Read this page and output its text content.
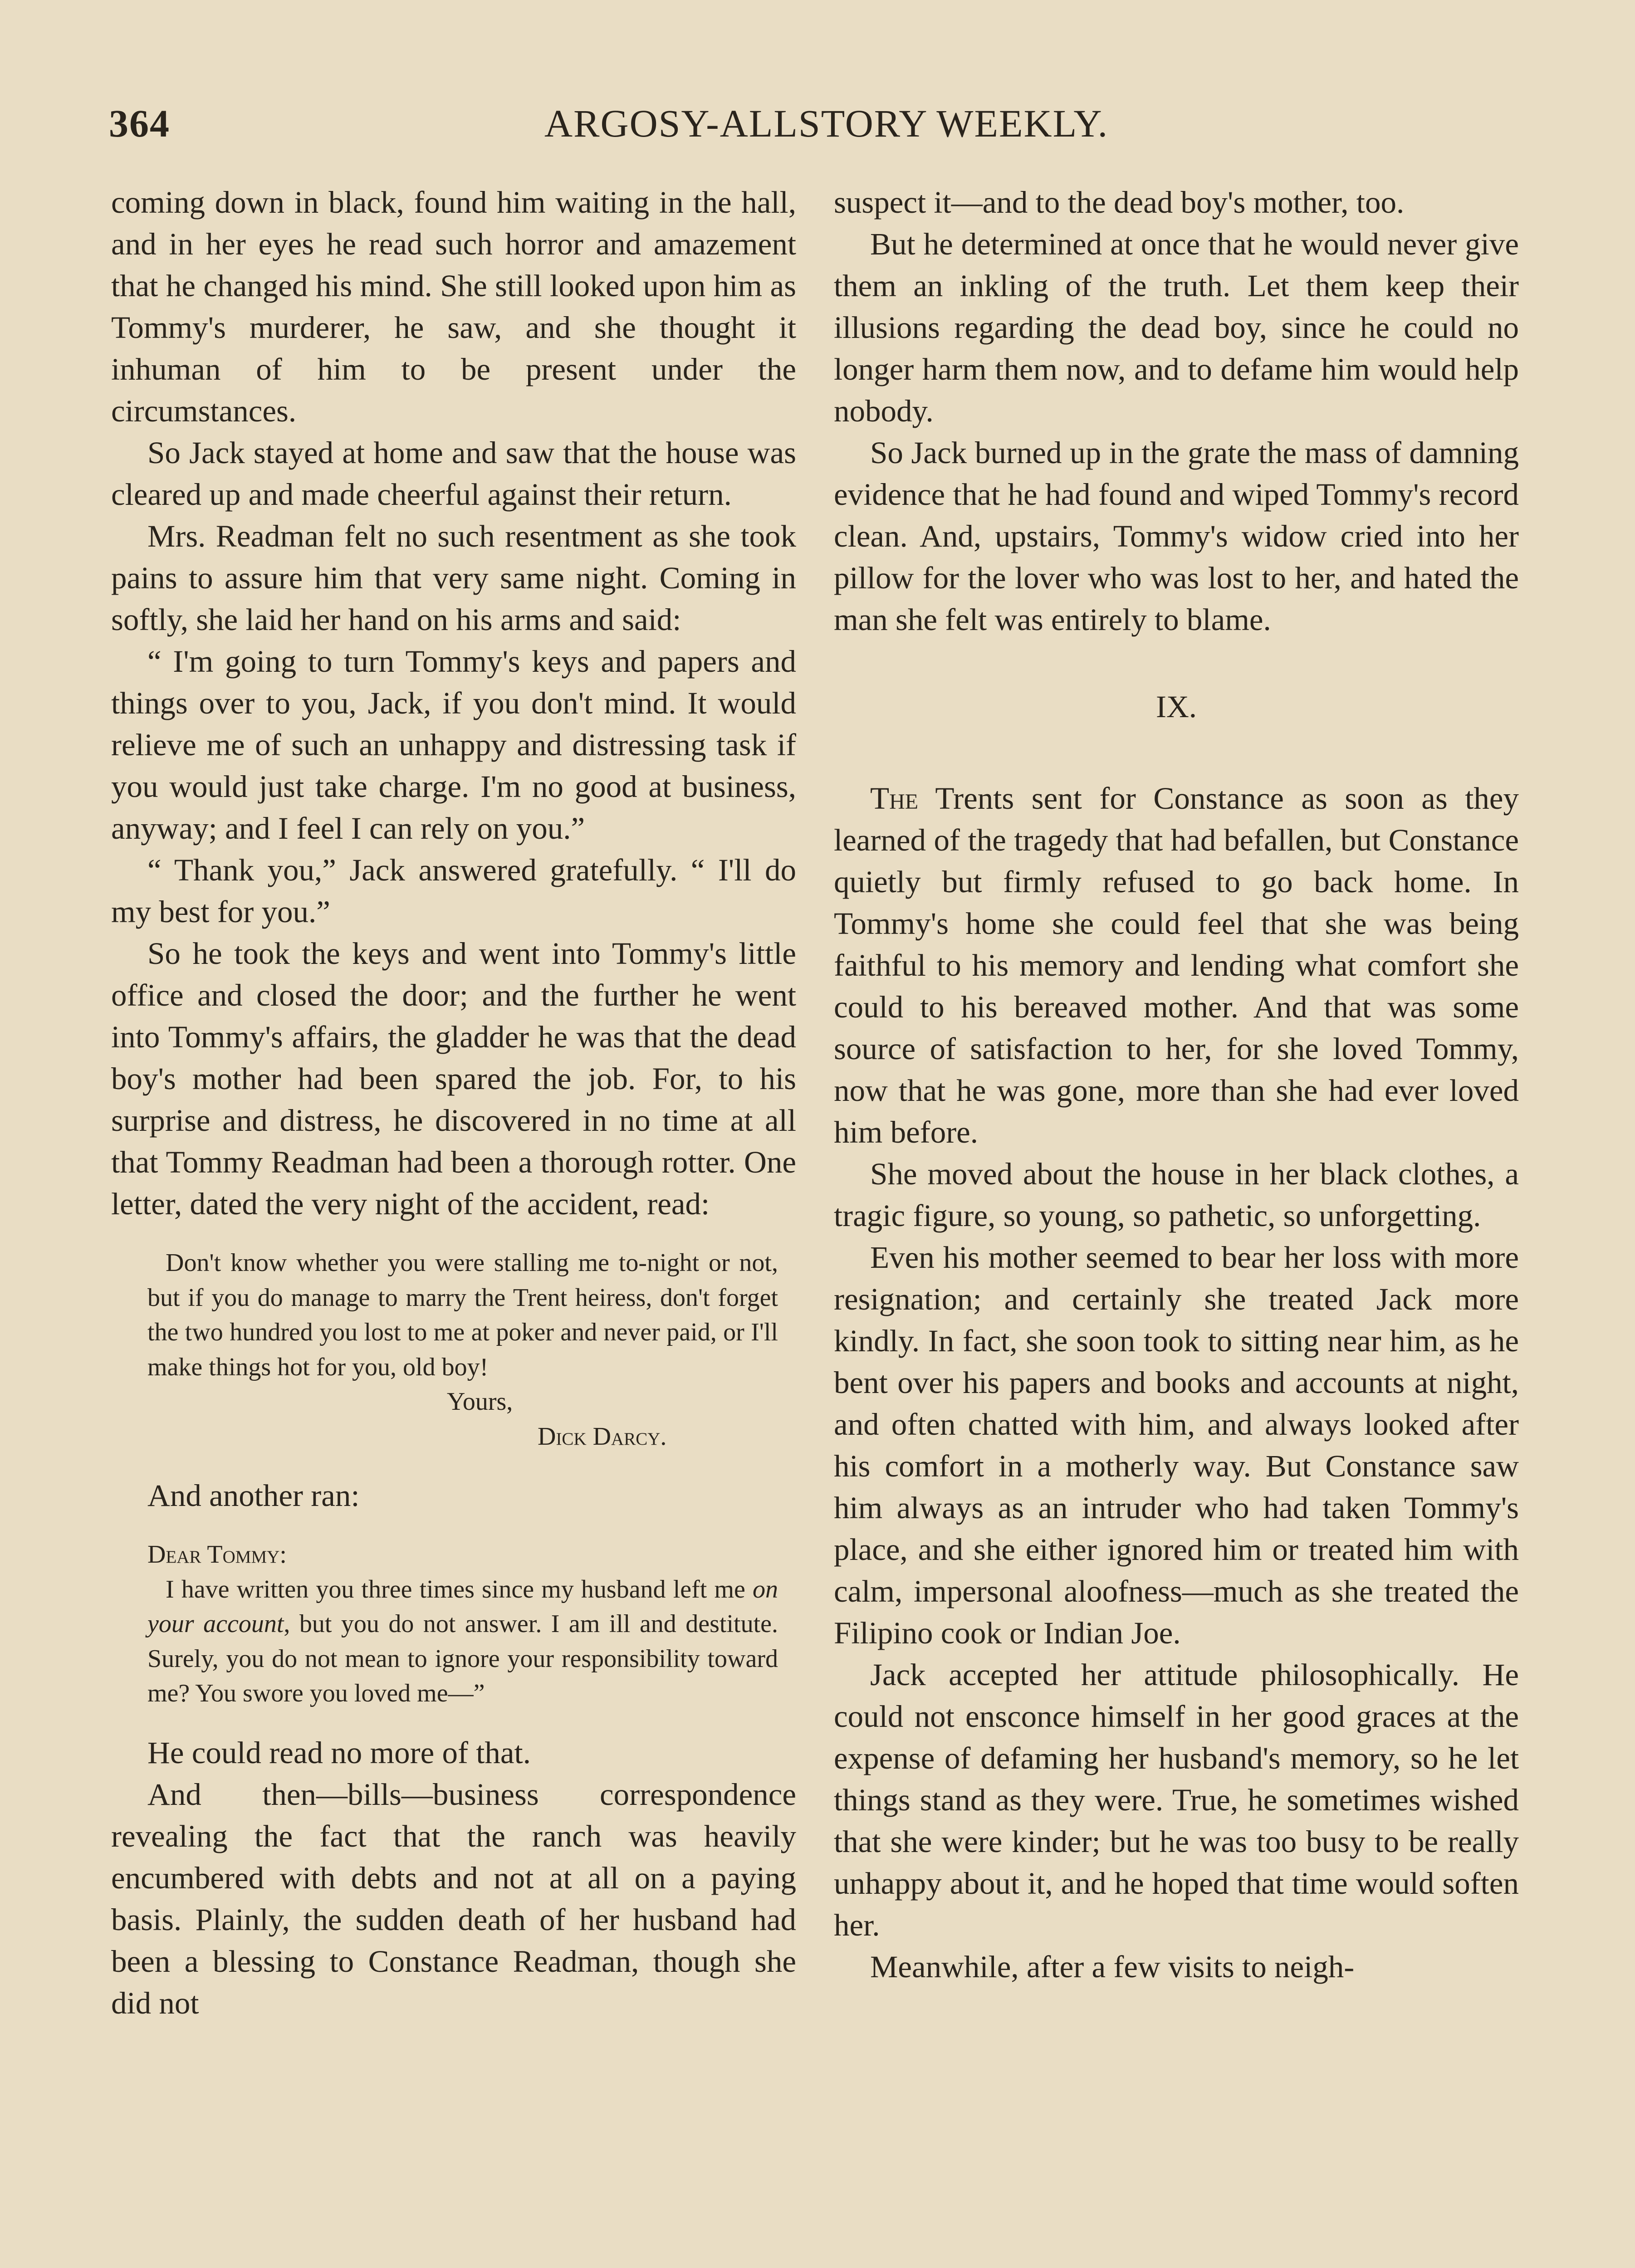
364	ARGOSY-ALLSTORY WEEKLY.

coming down in black, found him waiting in the hall, and in her eyes he read such horror and amazement that he changed his mind. She still looked upon him as Tommy's murderer, he saw, and she thought it inhuman of him to be present under the circumstances.

So Jack stayed at home and saw that the house was cleared up and made cheerful against their return.

Mrs. Readman felt no such resentment as she took pains to assure him that very same night. Coming in softly, she laid her hand on his arms and said:

“ I'm going to turn Tommy's keys and papers and things over to you, Jack, if you don't mind. It would relieve me of such an unhappy and distressing task if you would just take charge. I'm no good at business, anyway; and I feel I can rely on you.”

“ Thank you,” Jack answered gratefully. “ I'll do my best for you.”

So he took the keys and went into Tommy's little office and closed the door; and the further he went into Tommy's affairs, the gladder he was that the dead boy's mother had been spared the job. For, to his surprise and distress, he discovered in no time at all that Tommy Readman had been a thorough rotter. One letter, dated the very night of the accident, read:

Don't know whether you were stalling me to-night or not, but if you do manage to marry the Trent heiress, don't forget the two hundred you lost to me at poker and never paid, or I'll make things hot for you, old boy!

Yours,

Dick Darcy.

And another ran:

Dear Tommy:

I have written you three times since my husband left me on your account, but you do not answer. I am ill and destitute. Surely, you do not mean to ignore your responsibility toward me? You swore you loved me—”

He could read no more of that.

And then—bills—business correspondence revealing the fact that the ranch was heavily encumbered with debts and not at all on a paying basis. Plainly, the sudden death of her husband had been a blessing to Constance Readman, though she did not

suspect it—and to the dead boy's mother, too.

But he determined at once that he would never give them an inkling of the truth. Let them keep their illusions regarding the dead boy, since he could no longer harm them now, and to defame him would help nobody.

So Jack burned up in the grate the mass of damning evidence that he had found and wiped Tommy's record clean. And, upstairs, Tommy's widow cried into her pillow for the lover who was lost to her, and hated the man she felt was entirely to blame.

IX.

The Trents sent for Constance as soon as they learned of the tragedy that had befallen, but Constance quietly but firmly refused to go back home. In Tommy's home she could feel that she was being faithful to his memory and lending what comfort she could to his bereaved mother. And that was some source of satisfaction to her, for she loved Tommy, now that he was gone, more than she had ever loved him before.

She moved about the house in her black clothes, a tragic figure, so young, so pathetic, so unforgetting.

Even his mother seemed to bear her loss with more resignation; and certainly she treated Jack more kindly. In fact, she soon took to sitting near him, as he bent over his papers and books and accounts at night, and often chatted with him, and always looked after his comfort in a motherly way. But Constance saw him always as an intruder who had taken Tommy's place, and she either ignored him or treated him with calm, impersonal aloofness—much as she treated the Filipino cook or Indian Joe.

Jack accepted her attitude philosophically. He could not ensconce himself in her good graces at the expense of defaming her husband's memory, so he let things stand as they were. True, he sometimes wished that she were kinder; but he was too busy to be really unhappy about it, and he hoped that time would soften her.

Meanwhile, after a few visits to neigh-
